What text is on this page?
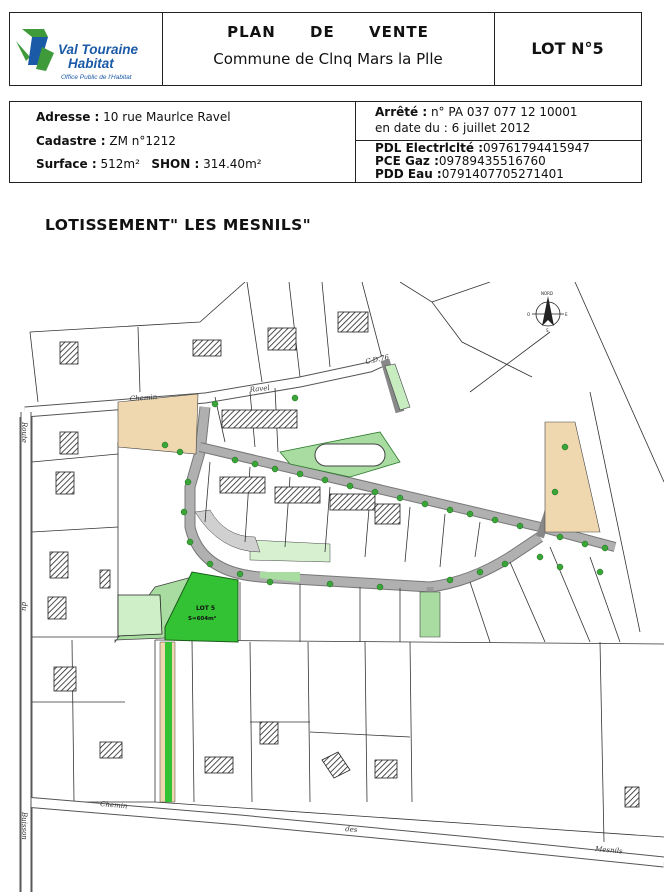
Val Touraine
Habitat
Office Public de l'Habitat
PLAN DE VENTE
Commune de Clnq Mars la Plle
LOT N°5
Adresse : 10 rue Maurlce Ravel
Cadastre : ZM n°1212
Surface : 512m² SHON : 314.40m²
Arrêté : n° PA 037 077 12 10001
en date du : 6 juillet 2012
PDL Electrlclté :09761794415947
PCE Gaz :09789435516760
PDD Eau :0791407705271401
LOTISSEMENT" LES MESNILS"
LOT 5
S=604m²
NORD
S
E
O
Chemin
Ravel
C.D.76
Route
du
Buisson
Chemin
des
Mesnils
